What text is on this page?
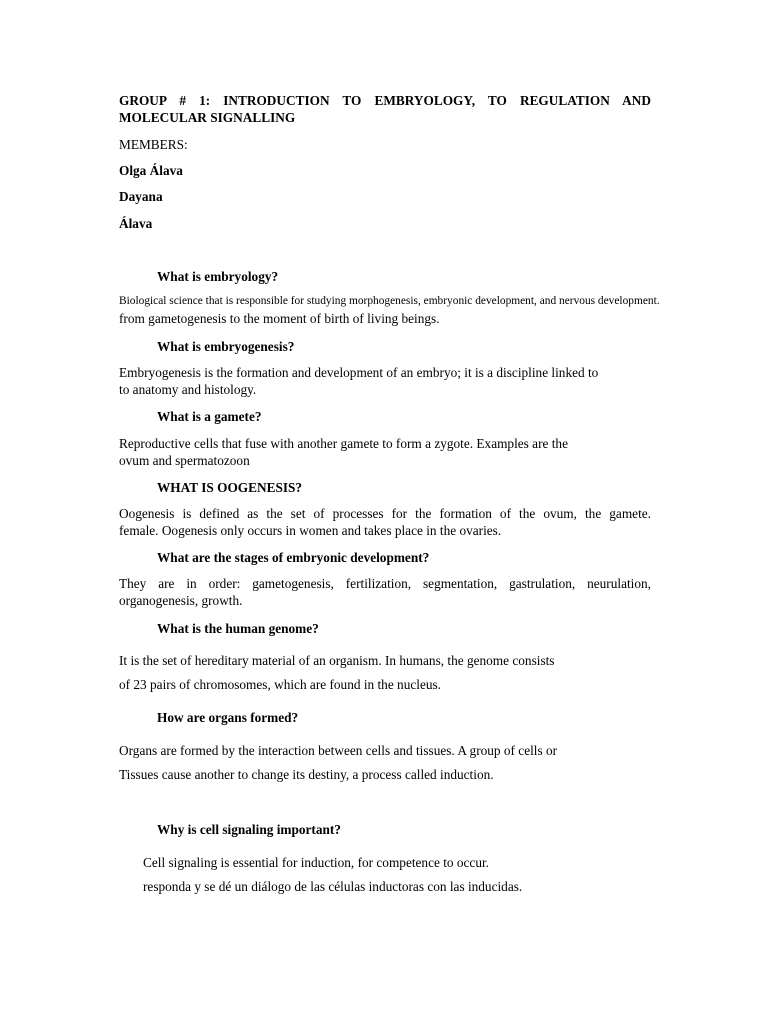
GROUP # 1: INTRODUCTION TO EMBRYOLOGY, TO REGULATION AND MOLECULAR SIGNALLING
MEMBERS:
Olga Álava
Dayana
Álava
What is embryology?
Biological science that is responsible for studying morphogenesis, embryonic development, and nervous development.
from gametogenesis to the moment of birth of living beings.
What is embryogenesis?
Embryogenesis is the formation and development of an embryo; it is a discipline linked to
to anatomy and histology.
What is a gamete?
Reproductive cells that fuse with another gamete to form a zygote. Examples are the
ovum and spermatozoon
WHAT IS OOGENESIS?
Oogenesis is defined as the set of processes for the formation of the ovum, the gamete.
female. Oogenesis only occurs in women and takes place in the ovaries.
What are the stages of embryonic development?
They are in order: gametogenesis, fertilization, segmentation, gastrulation, neurulation,
organogenesis, growth.
What is the human genome?
It is the set of hereditary material of an organism. In humans, the genome consists
of 23 pairs of chromosomes, which are found in the nucleus.
How are organs formed?
Organs are formed by the interaction between cells and tissues. A group of cells or
Tissues cause another to change its destiny, a process called induction.
Why is cell signaling important?
Cell signaling is essential for induction, for competence to occur.
responda y se dé un diálogo de las células inductoras con las inducidas.
